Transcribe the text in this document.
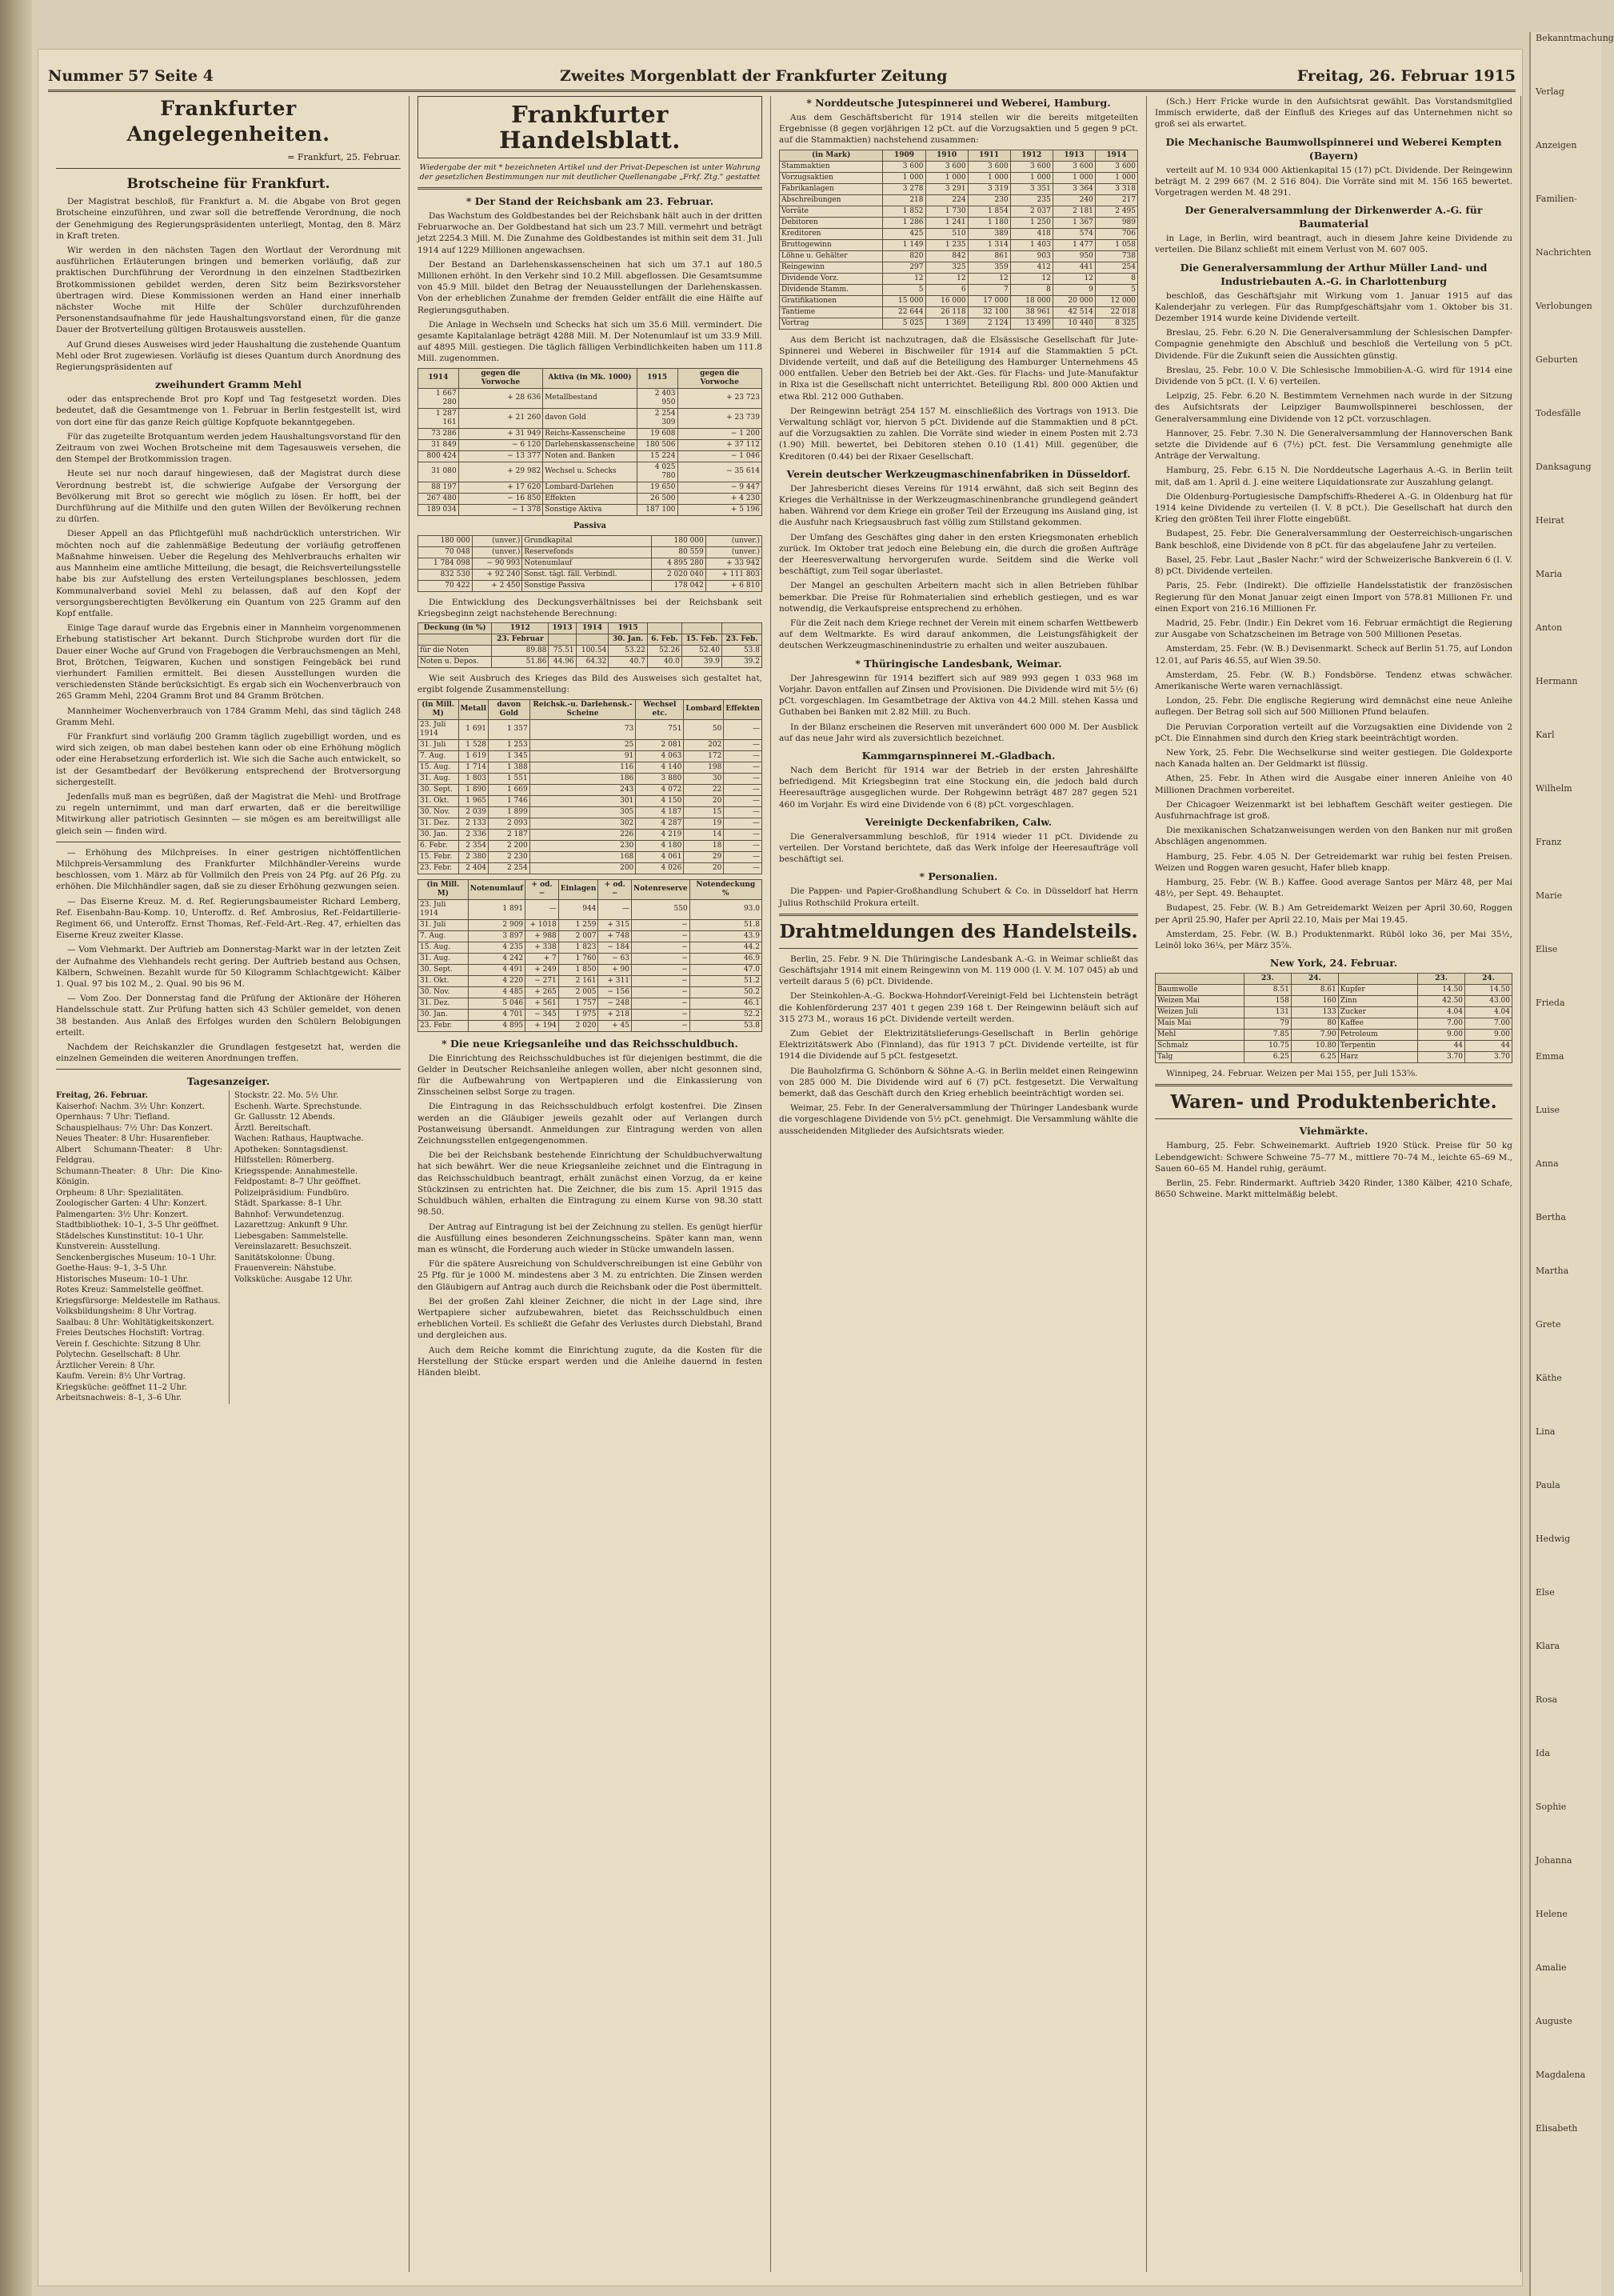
Bekanntmachung
Verlag
Anzeigen
Familien-
Nachrichten
Verlobungen
Geburten
Todesfälle
Danksagung
Heirat
Maria
Anton
Hermann
Karl
Wilhelm
Franz
Marie
Elise
Frieda
Emma
Luise
Anna
Bertha
Martha
Grete
Käthe
Lina
Paula
Hedwig
Else
Klara
Rosa
Ida
Sophie
Johanna
Helene
Amalie
Auguste
Magdalena
Elisabeth
Nummer 57 Seite 4	Zweites Morgenblatt der Frankfurter Zeitung	Freitag, 26. Februar 1915
Frankfurter Angelegenheiten.
= Frankfurt, 25. Februar.
Brotscheine für Frankfurt.

Der Magistrat beschloß, für Frankfurt a. M. die Abgabe von Brot gegen Brotscheine einzuführen, und zwar soll die betreffende Verordnung, die noch der Genehmigung des Regierungspräsidenten unterliegt, Montag, den 8. März in Kraft treten.

Wir werden in den nächsten Tagen den Wortlaut der Verordnung mit ausführlichen Erläuterungen bringen und bemerken vorläufig, daß zur praktischen Durchführung der Verordnung in den einzelnen Stadtbezirken Brotkommissionen gebildet werden, deren Sitz beim Bezirksvorsteher übertragen wird. Diese Kommissionen werden an Hand einer innerhalb nächster Woche mit Hilfe der Schüler durchzuführenden Personenstandsaufnahme für jede Haushaltungsvorstand einen, für die ganze Dauer der Brotverteilung gültigen Brotausweis ausstellen.

Auf Grund dieses Ausweises wird jeder Haushaltung die zustehende Quantum Mehl oder Brot zugewiesen. Vorläufig ist dieses Quantum durch Anordnung des Regierungspräsidenten auf

zweihundert Gramm Mehl

oder das entsprechende Brot pro Kopf und Tag festgesetzt worden. Dies bedeutet, daß die Gesamtmenge von 1. Februar in Berlin festgestellt ist, wird von dort eine für das ganze Reich gültige Kopfquote bekanntgegeben.

Für das zugeteilte Brotquantum werden jedem Haushaltungsvorstand für den Zeitraum von zwei Wochen Brotscheine mit dem Tagesausweis versehen, die den Stempel der Brotkommission tragen.

Heute sei nur noch darauf hingewiesen, daß der Magistrat durch diese Verordnung bestrebt ist, die schwierige Aufgabe der Versorgung der Bevölkerung mit Brot so gerecht wie möglich zu lösen. Er hofft, bei der Durchführung auf die Mithilfe und den guten Willen der Bevölkerung rechnen zu dürfen.

Dieser Appell an das Pflichtgefühl muß nachdrücklich unterstrichen. Wir möchten noch auf die zahlenmäßige Bedeutung der vorläufig getroffenen Maßnahme hinweisen. Ueber die Regelung des Mehlverbrauchs erhalten wir aus Mannheim eine amtliche Mitteilung, die besagt, die Reichsverteilungsstelle habe bis zur Aufstellung des ersten Verteilungsplanes beschlossen, jedem Kommunalverband soviel Mehl zu belassen, daß auf den Kopf der versorgungsberechtigten Bevölkerung ein Quantum von 225 Gramm auf den Kopf entfalle.

Einige Tage darauf wurde das Ergebnis einer in Mannheim vorgenommenen Erhebung statistischer Art bekannt. Durch Stichprobe wurden dort für die Dauer einer Woche auf Grund von Fragebogen die Verbrauchsmengen an Mehl, Brot, Brötchen, Teigwaren, Kuchen und sonstigen Feingebäck bei rund vierhundert Familien ermittelt. Bei diesen Ausstellungen wurden die verschiedensten Stände berücksichtigt. Es ergab sich ein Wochenverbrauch von 265 Gramm Mehl, 2204 Gramm Brot und 84 Gramm Brötchen.

Mannheimer Wochenverbrauch von 1784 Gramm Mehl, das sind täglich 248 Gramm Mehl.

Für Frankfurt sind vorläufig 200 Gramm täglich zugebilligt worden, und es wird sich zeigen, ob man dabei bestehen kann oder ob eine Erhöhung möglich oder eine Herabsetzung erforderlich ist. Wie sich die Sache auch entwickelt, so ist der Gesamtbedarf der Bevölkerung entsprechend der Brotversorgung sichergestellt.

Jedenfalls muß man es begrüßen, daß der Magistrat die Mehl- und Brotfrage zu regeln unternimmt, und man darf erwarten, daß er die bereitwillige Mitwirkung aller patriotisch Gesinnten — sie mögen es am bereitwilligst alle gleich sein — finden wird.

— Erhöhung des Milchpreises. In einer gestrigen nichtöffentlichen Milchpreis-Versammlung des Frankfurter Milchhändler-Vereins wurde beschlossen, vom 1. März ab für Vollmilch den Preis von 24 Pfg. auf 26 Pfg. zu erhöhen. Die Milchhändler sagen, daß sie zu dieser Erhöhung gezwungen seien.

— Das Eiserne Kreuz. M. d. Ref. Regierungsbaumeister Richard Lemberg, Ref. Eisenbahn-Bau-Komp. 10, Unteroffz. d. Ref. Ambrosius, Ref.-Feldartillerie-Regiment 66, und Unteroffz. Ernst Thomas, Ref.-Feld-Art.-Reg. 47, erhielten das Eiserne Kreuz zweiter Klasse.

— Vom Viehmarkt. Der Auftrieb am Donnerstag-Markt war in der letzten Zeit der Aufnahme des Viehhandels recht gering. Der Auftrieb bestand aus Ochsen, Kälbern, Schweinen. Bezahlt wurde für 50 Kilogramm Schlachtgewicht: Kälber 1. Qual. 97 bis 102 M., 2. Qual. 90 bis 96 M.

— Vom Zoo. Der Donnerstag fand die Prüfung der Aktionäre der Höheren Handelsschule statt. Zur Prüfung hatten sich 43 Schüler gemeldet, von denen 38 bestanden. Aus Anlaß des Erfolges wurden den Schülern Belobigungen erteilt.

Nachdem der Reichskanzler die Grundlagen festgesetzt hat, werden die einzelnen Gemeinden die weiteren Anordnungen treffen.

Tagesanzeiger.
Freitag, 26. Februar.
Kaiserhof: Nachm. 3½ Uhr: Konzert.
Opernhaus: 7 Uhr: Tiefland.
Schauspielhaus: 7½ Uhr: Das Konzert.
Neues Theater: 8 Uhr: Husarenfieber.
Albert Schumann-Theater: 8 Uhr: Feldgrau.
Schumann-Theater: 8 Uhr: Die Kino-Königin.
Orpheum: 8 Uhr: Spezialitäten.
Zoologischer Garten: 4 Uhr: Konzert.
Palmengarten: 3½ Uhr: Konzert.
Stadtbibliothek: 10–1, 3–5 Uhr geöffnet.
Städelsches Kunstinstitut: 10–1 Uhr.
Kunstverein: Ausstellung.
Senckenbergisches Museum: 10–1 Uhr.
Goethe-Haus: 9–1, 3–5 Uhr.
Historisches Museum: 10–1 Uhr.
Rotes Kreuz: Sammelstelle geöffnet.
Kriegsfürsorge: Meldestelle im Rathaus.
Volksbildungsheim: 8 Uhr Vortrag.
Saalbau: 8 Uhr: Wohltätigkeitskonzert.
Freies Deutsches Hochstift: Vortrag.
Verein f. Geschichte: Sitzung 8 Uhr.
Polytechn. Gesellschaft: 8 Uhr.
Ärztlicher Verein: 8 Uhr.
Kaufm. Verein: 8½ Uhr Vortrag.
Kriegsküche: geöffnet 11–2 Uhr.
Arbeitsnachweis: 8–1, 3–6 Uhr.
Stockstr. 22. Mo. 5½ Uhr.
Eschenh. Warte. Sprechstunde.
Gr. Gallusstr. 12 Abends.
Ärztl. Bereitschaft.
Wachen: Rathaus, Hauptwache.
Apotheken: Sonntagsdienst.
Hilfsstellen: Römerberg.
Kriegsspende: Annahmestelle.
Feldpostamt: 8–7 Uhr geöffnet.
Polizeipräsidium: Fundbüro.
Städt. Sparkasse: 8–1 Uhr.
Bahnhof: Verwundetenzug.
Lazarettzug: Ankunft 9 Uhr.
Liebesgaben: Sammelstelle.
Vereinslazarett: Besuchszeit.
Sanitätskolonne: Übung.
Frauenverein: Nähstube.
Volksküche: Ausgabe 12 Uhr.
Frankfurter Handelsblatt.
Wiedergabe der mit * bezeichneten Artikel und der Privat-Depeschen ist unter Wahrung der gesetzlichen Bestimmungen nur mit deutlicher Quellenangabe „Frkf. Ztg." gestattet
* Der Stand der Reichsbank am 23. Februar.

Das Wachstum des Goldbestandes bei der Reichsbank hält auch in der dritten Februarwoche an. Der Goldbestand hat sich um 23.7 Mill. vermehrt und beträgt jetzt 2254.3 Mill. M. Die Zunahme des Goldbestandes ist mithin seit dem 31. Juli 1914 auf 1229 Millionen angewachsen.

Der Bestand an Darlehenskassenscheinen hat sich um 37.1 auf 180.5 Millionen erhöht. In den Verkehr sind 10.2 Mill. abgeflossen. Die Gesamtsumme von 45.9 Mill. bildet den Betrag der Neuausstellungen der Darlehenskassen. Von der erheblichen Zunahme der fremden Gelder entfällt die eine Hälfte auf Regierungsguthaben.

Die Anlage in Wechseln und Schecks hat sich um 35.6 Mill. vermindert. Die gesamte Kapitalanlage beträgt 4288 Mill. M. Der Notenumlauf ist um 33.9 Mill. auf 4895 Mill. gestiegen. Die täglich fälligen Verbindlichkeiten haben um 111.8 Mill. zugenommen.

1914	gegen die Vorwoche	Aktiva (in Mk. 1000)	1915	gegen die Vorwoche
1 667 280	+ 28 636	Metallbestand	2 403 950	+ 23 723
1 287 161	+ 21 260	davon Gold	2 254 309	+ 23 739
73 286	+ 31 949	Reichs-Kassenscheine	19 608	− 1 200
31 849	− 6 120	Darlehenskassenscheine	180 506	+ 37 112
800 424	− 13 377	Noten and. Banken	15 224	− 1 046
31 080	+ 29 982	Wechsel u. Schecks	4 025 780	− 35 614
88 197	+ 17 620	Lombard-Darlehen	19 650	− 9 447
267 480	− 16 850	Effekten	26 500	+ 4 230
189 034	− 1 378	Sonstige Aktiva	187 100	+ 5 196
Passiva
180 000	(unver.)	Grundkapital	180 000	(unver.)
70 048	(unver.)	Reservefonds	80 559	(unver.)
1 784 098	− 90 993	Notenumlauf	4 895 280	+ 33 942
832 530	+ 92 240	Sonst. tägl. fäll. Verbindl.	2 020 040	+ 111 803
70 422	+ 2 450	Sonstige Passiva	178 042	+ 6 810

Die Entwicklung des Deckungsverhältnisses bei der Reichsbank seit Kriegsbeginn zeigt nachstehende Berechnung:

Deckung (in %)	1912	1913	1914	1915			
	23. Februar			30. Jan.	6. Feb.	15. Feb.	23. Feb.
für die Noten	89.88	75.51	100.54	53.22	52.26	52.40	53.8
Noten u. Depos.	51.86	44.96	64.32	40.7	40.0	39.9	39.2

Wie seit Ausbruch des Krieges das Bild des Ausweises sich gestaltet hat, ergibt folgende Zusammenstellung:

(in Mill. M)	Metall	davon Gold	Reichsk.-u. Darlehensk.-Scheine	Wechsel etc.	Lombard	Effekten
23. Juli 1914	1 691	1 357	73	751	50	—
31. Juli	1 528	1 253	25	2 081	202	—
7. Aug.	1 619	1 345	91	4 063	172	—
15. Aug.	1 714	1 388	116	4 140	198	—
31. Aug.	1 803	1 551	186	3 880	30	—
30. Sept.	1 890	1 669	243	4 072	22	—
31. Okt.	1 965	1 746	301	4 150	20	—
30. Nov.	2 039	1 899	305	4 187	15	—
31. Dez.	2 133	2 093	302	4 287	19	—
30. Jan.	2 336	2 187	226	4 219	14	—
6. Febr.	2 354	2 200	230	4 180	18	—
15. Febr.	2 380	2 230	168	4 061	29	—
23. Febr.	2 404	2 254	200	4 026	20	—
(in Mill. M)	Notenumlauf	+ od. −	Einlagen	+ od. −	Notenreserve	Notendeckung %
23. Juli 1914	1 891	—	944	—	550	93.0
31. Juli	2 909	+ 1018	1 259	+ 315	−	51.8
7. Aug.	3 897	+ 988	2 007	+ 748	−	43.9
15. Aug.	4 235	+ 338	1 823	− 184	−	44.2
31. Aug.	4 242	+ 7	1 760	− 63	−	46.9
30. Sept.	4 491	+ 249	1 850	+ 90	−	47.0
31. Okt.	4 220	− 271	2 161	+ 311	−	51.2
30. Nov.	4 485	+ 265	2 005	− 156	−	50.2
31. Dez.	5 046	+ 561	1 757	− 248	−	46.1
30. Jan.	4 701	− 345	1 975	+ 218	−	52.2
23. Febr.	4 895	+ 194	2 020	+ 45	−	53.8
* Die neue Kriegsanleihe und das Reichsschuldbuch.

Die Einrichtung des Reichsschuldbuches ist für diejenigen bestimmt, die die Gelder in Deutscher Reichsanleihe anlegen wollen, aber nicht gesonnen sind, für die Aufbewahrung von Wertpapieren und die Einkassierung von Zinsscheinen selbst Sorge zu tragen.

Die Eintragung in das Reichsschuldbuch erfolgt kostenfrei. Die Zinsen werden an die Gläubiger jeweils gezahlt oder auf Verlangen durch Postanweisung übersandt. Anmeldungen zur Eintragung werden von allen Zeichnungsstellen entgegengenommen.

Die bei der Reichsbank bestehende Einrichtung der Schuldbuchverwaltung hat sich bewährt. Wer die neue Kriegsanleihe zeichnet und die Eintragung in das Reichsschuldbuch beantragt, erhält zunächst einen Vorzug, da er keine Stückzinsen zu entrichten hat. Die Zeichner, die bis zum 15. April 1915 das Schuldbuch wählen, erhalten die Eintragung zu einem Kurse von 98.30 statt 98.50.

Der Antrag auf Eintragung ist bei der Zeichnung zu stellen. Es genügt hierfür die Ausfüllung eines besonderen Zeichnungsscheins. Später kann man, wenn man es wünscht, die Forderung auch wieder in Stücke umwandeln lassen.

Für die spätere Ausreichung von Schuldverschreibungen ist eine Gebühr von 25 Pfg. für je 1000 M. mindestens aber 3 M. zu entrichten. Die Zinsen werden den Gläubigern auf Antrag auch durch die Reichsbank oder die Post übermittelt.

Bei der großen Zahl kleiner Zeichner, die nicht in der Lage sind, ihre Wertpapiere sicher aufzubewahren, bietet das Reichsschuldbuch einen erheblichen Vorteil. Es schließt die Gefahr des Verlustes durch Diebstahl, Brand und dergleichen aus.

Auch dem Reiche kommt die Einrichtung zugute, da die Kosten für die Herstellung der Stücke erspart werden und die Anleihe dauernd in festen Händen bleibt.

* Norddeutsche Jutespinnerei und Weberei, Hamburg.

Aus dem Geschäftsbericht für 1914 stellen wir die bereits mitgeteilten Ergebnisse (8 gegen vorjährigen 12 pCt. auf die Vorzugsaktien und 5 gegen 9 pCt. auf die Stammaktien) nachstehend zusammen:

(in Mark)	1909	1910	1911	1912	1913	1914
Stammaktien	3 600	3 600	3 600	3 600	3 600	3 600
Vorzugsaktien	1 000	1 000	1 000	1 000	1 000	1 000
Fabrikanlagen	3 278	3 291	3 319	3 351	3 364	3 318
Abschreibungen	218	224	230	235	240	217
Vorräte	1 852	1 730	1 854	2 037	2 181	2 495
Debitoren	1 286	1 241	1 180	1 250	1 367	989
Kreditoren	425	510	389	418	574	706
Bruttogewinn	1 149	1 235	1 314	1 403	1 477	1 058
Löhne u. Gehälter	820	842	861	903	950	738
Reingewinn	297	325	359	412	441	254
Dividende Vorz.	12	12	12	12	12	8
Dividende Stamm.	5	6	7	8	9	5
Gratifikationen	15 000	16 000	17 000	18 000	20 000	12 000
Tantieme	22 644	26 118	32 100	38 961	42 514	22 018
Vortrag	5 025	1 369	2 124	13 499	10 440	8 325

Aus dem Bericht ist nachzutragen, daß die Elsässische Gesellschaft für Jute-Spinnerei und Weberei in Bischweiler für 1914 auf die Stammaktien 5 pCt. Dividende verteilt, und daß auf die Beteiligung des Hamburger Unternehmens 45 000 entfallen. Ueber den Betrieb bei der Akt.-Ges. für Flachs- und Jute-Manufaktur in Rixa ist die Gesellschaft nicht unterrichtet. Beteiligung Rbl. 800 000 Aktien und etwa Rbl. 212 000 Guthaben.

Der Reingewinn beträgt 254 157 M. einschließlich des Vortrags von 1913. Die Verwaltung schlägt vor, hiervon 5 pCt. Dividende auf die Stammaktien und 8 pCt. auf die Vorzugsaktien zu zahlen. Die Vorräte sind wieder in einem Posten mit 2.73 (1.90) Mill. bewertet, bei Debitoren stehen 0.10 (1.41) Mill. gegenüber, die Kreditoren (0.44) bei der Rixaer Gesellschaft.

Verein deutscher Werkzeugmaschinenfabriken in Düsseldorf.

Der Jahresbericht dieses Vereins für 1914 erwähnt, daß sich seit Beginn des Krieges die Verhältnisse in der Werkzeugmaschinenbranche grundlegend geändert haben. Während vor dem Kriege ein großer Teil der Erzeugung ins Ausland ging, ist die Ausfuhr nach Kriegsausbruch fast völlig zum Stillstand gekommen.

Der Umfang des Geschäftes ging daher in den ersten Kriegsmonaten erheblich zurück. Im Oktober trat jedoch eine Belebung ein, die durch die großen Aufträge der Heeresverwaltung hervorgerufen wurde. Seitdem sind die Werke voll beschäftigt, zum Teil sogar überlastet.

Der Mangel an geschulten Arbeitern macht sich in allen Betrieben fühlbar bemerkbar. Die Preise für Rohmaterialien sind erheblich gestiegen, und es war notwendig, die Verkaufspreise entsprechend zu erhöhen.

Für die Zeit nach dem Kriege rechnet der Verein mit einem scharfen Wettbewerb auf dem Weltmarkte. Es wird darauf ankommen, die Leistungsfähigkeit der deutschen Werkzeugmaschinenindustrie zu erhalten und weiter auszubauen.

* Thüringische Landesbank, Weimar.

Der Jahresgewinn für 1914 beziffert sich auf 989 993 gegen 1 033 968 im Vorjahr. Davon entfallen auf Zinsen und Provisionen. Die Dividende wird mit 5½ (6) pCt. vorgeschlagen. Im Gesamtbetrage der Aktiva von 44.2 Mill. stehen Kassa und Guthaben bei Banken mit 2.82 Mill. zu Buch.

In der Bilanz erscheinen die Reserven mit unverändert 600 000 M. Der Ausblick auf das neue Jahr wird als zuversichtlich bezeichnet.

Kammgarnspinnerei M.-Gladbach.

Nach dem Bericht für 1914 war der Betrieb in der ersten Jahreshälfte befriedigend. Mit Kriegsbeginn trat eine Stockung ein, die jedoch bald durch Heeresaufträge ausgeglichen wurde. Der Rohgewinn beträgt 487 287 gegen 521 460 im Vorjahr. Es wird eine Dividende von 6 (8) pCt. vorgeschlagen.

Vereinigte Deckenfabriken, Calw.

Die Generalversammlung beschloß, für 1914 wieder 11 pCt. Dividende zu verteilen. Der Vorstand berichtete, daß das Werk infolge der Heeresaufträge voll beschäftigt sei.

* Personalien.

Die Pappen- und Papier-Großhandlung Schubert & Co. in Düsseldorf hat Herrn Julius Rothschild Prokura erteilt.

Drahtmeldungen des Handelsteils.

Berlin, 25. Febr. 9 N. Die Thüringische Landesbank A.-G. in Weimar schließt das Geschäftsjahr 1914 mit einem Reingewinn von M. 119 000 (I. V. M. 107 045) ab und verteilt daraus 5 (6) pCt. Dividende.

Der Steinkohlen-A.-G. Bockwa-Hohndorf-Vereinigt-Feld bei Lichtenstein beträgt die Kohlenförderung 237 401 t gegen 239 168 t. Der Reingewinn beläuft sich auf 315 273 M., woraus 16 pCt. Dividende verteilt werden.

Zum Gebiet der Elektrizitätslieferungs-Gesellschaft in Berlin gehörige Elektrizitätswerk Abo (Finnland), das für 1913 7 pCt. Dividende verteilte, ist für 1914 die Dividende auf 5 pCt. festgesetzt.

Die Bauholzfirma G. Schönborn & Söhne A.-G. in Berlin meldet einen Reingewinn von 285 000 M. Die Dividende wird auf 6 (7) pCt. festgesetzt. Die Verwaltung bemerkt, daß das Geschäft durch den Krieg erheblich beeinträchtigt worden sei.

Weimar, 25. Febr. In der Generalversammlung der Thüringer Landesbank wurde die vorgeschlagene Dividende von 5½ pCt. genehmigt. Die Versammlung wählte die ausscheidenden Mitglieder des Aufsichtsrats wieder.

(Sch.) Herr Fricke wurde in den Aufsichtsrat gewählt. Das Vorstandsmitglied Immisch erwiderte, daß der Einfluß des Krieges auf das Unternehmen nicht so groß sei als erwartet.

Die Mechanische Baumwollspinnerei und Weberei Kempten (Bayern)

verteilt auf M. 10 934 000 Aktienkapital 15 (17) pCt. Dividende. Der Reingewinn beträgt M. 2 299 667 (M. 2 516 804). Die Vorräte sind mit M. 156 165 bewertet. Vorgetragen werden M. 48 291.

Der Generalversammlung der Dirkenwerder A.-G. für Baumaterial

in Lage, in Berlin, wird beantragt, auch in diesem Jahre keine Dividende zu verteilen. Die Bilanz schließt mit einem Verlust von M. 607 005.

Die Generalversammlung der Arthur Müller Land- und Industriebauten A.-G. in Charlottenburg

beschloß, das Geschäftsjahr mit Wirkung vom 1. Januar 1915 auf das Kalenderjahr zu verlegen. Für das Rumpfgeschäftsjahr vom 1. Oktober bis 31. Dezember 1914 wurde keine Dividende verteilt.

Breslau, 25. Febr. 6.20 N. Die Generalversammlung der Schlesischen Dampfer-Compagnie genehmigte den Abschluß und beschloß die Verteilung von 5 pCt. Dividende. Für die Zukunft seien die Aussichten günstig.

Breslau, 25. Febr. 10.0 V. Die Schlesische Immobilien-A.-G. wird für 1914 eine Dividende von 5 pCt. (I. V. 6) verteilen.

Leipzig, 25. Febr. 6.20 N. Bestimmtem Vernehmen nach wurde in der Sitzung des Aufsichtsrats der Leipziger Baumwollspinnerei beschlossen, der Generalversammlung eine Dividende von 12 pCt. vorzuschlagen.

Hannover, 25. Febr. 7.30 N. Die Generalversammlung der Hannoverschen Bank setzte die Dividende auf 6 (7½) pCt. fest. Die Versammlung genehmigte alle Anträge der Verwaltung.

Hamburg, 25. Febr. 6.15 N. Die Norddeutsche Lagerhaus A.-G. in Berlin teilt mit, daß am 1. April d. J. eine weitere Liquidationsrate zur Auszahlung gelangt.

Die Oldenburg-Portugiesische Dampfschiffs-Rhederei A.-G. in Oldenburg hat für 1914 keine Dividende zu verteilen (I. V. 8 pCt.). Die Gesellschaft hat durch den Krieg den größten Teil ihrer Flotte eingebüßt.

Budapest, 25. Febr. Die Generalversammlung der Oesterreichisch-ungarischen Bank beschloß, eine Dividende von 8 pCt. für das abgelaufene Jahr zu verteilen.

Basel, 25. Febr. Laut „Basler Nachr." wird der Schweizerische Bankverein 6 (I. V. 8) pCt. Dividende verteilen.

Paris, 25. Febr. (Indirekt). Die offizielle Handelsstatistik der französischen Regierung für den Monat Januar zeigt einen Import von 578.81 Millionen Fr. und einen Export von 216.16 Millionen Fr.

Madrid, 25. Febr. (Indir.) Ein Dekret vom 16. Februar ermächtigt die Regierung zur Ausgabe von Schatzscheinen im Betrage von 500 Millionen Pesetas.

Amsterdam, 25. Febr. (W. B.) Devisenmarkt. Scheck auf Berlin 51.75, auf London 12.01, auf Paris 46.55, auf Wien 39.50.

Amsterdam, 25. Febr. (W. B.) Fondsbörse. Tendenz etwas schwächer. Amerikanische Werte waren vernachlässigt.

London, 25. Febr. Die englische Regierung wird demnächst eine neue Anleihe auflegen. Der Betrag soll sich auf 500 Millionen Pfund belaufen.

Die Peruvian Corporation verteilt auf die Vorzugsaktien eine Dividende von 2 pCt. Die Einnahmen sind durch den Krieg stark beeinträchtigt worden.

New York, 25. Febr. Die Wechselkurse sind weiter gestiegen. Die Goldexporte nach Kanada halten an. Der Geldmarkt ist flüssig.

Athen, 25. Febr. In Athen wird die Ausgabe einer inneren Anleihe von 40 Millionen Drachmen vorbereitet.

Der Chicagoer Weizenmarkt ist bei lebhaftem Geschäft weiter gestiegen. Die Ausfuhrnachfrage ist groß.

Die mexikanischen Schatzanweisungen werden von den Banken nur mit großen Abschlägen angenommen.

Hamburg, 25. Febr. 4.05 N. Der Getreidemarkt war ruhig bei festen Preisen. Weizen und Roggen waren gesucht, Hafer blieb knapp.

Hamburg, 25. Febr. (W. B.) Kaffee. Good average Santos per März 48, per Mai 48½, per Sept. 49. Behauptet.

Budapest, 25. Febr. (W. B.) Am Getreidemarkt Weizen per April 30.60, Roggen per April 25.90, Hafer per April 22.10, Mais per Mai 19.45.

Amsterdam, 25. Febr. (W. B.) Produktenmarkt. Rüböl loko 36, per Mai 35½, Leinöl loko 36¼, per März 35⅞.

New York, 24. Februar.
	23.	24.		23.	24.
Baumwolle	8.51	8.61	Kupfer	14.50	14.50
Weizen Mai	158	160	Zinn	42.50	43.00
Weizen Juli	131	133	Zucker	4.04	4.04
Mais Mai	79	80	Kaffee	7.00	7.00
Mehl	7.85	7.90	Petroleum	9.00	9.00
Schmalz	10.75	10.80	Terpentin	44	44
Talg	6.25	6.25	Harz	3.70	3.70

Winnipeg, 24. Februar. Weizen per Mai 155, per Juli 153⅝.

Waren- und Produktenberichte.
Viehmärkte.

Hamburg, 25. Febr. Schweinemarkt. Auftrieb 1920 Stück. Preise für 50 kg Lebendgewicht: Schwere Schweine 75–77 M., mittlere 70–74 M., leichte 65–69 M., Sauen 60–65 M. Handel ruhig, geräumt.

Berlin, 25. Febr. Rindermarkt. Auftrieb 3420 Rinder, 1380 Kälber, 4210 Schafe, 8650 Schweine. Markt mittelmäßig belebt.
